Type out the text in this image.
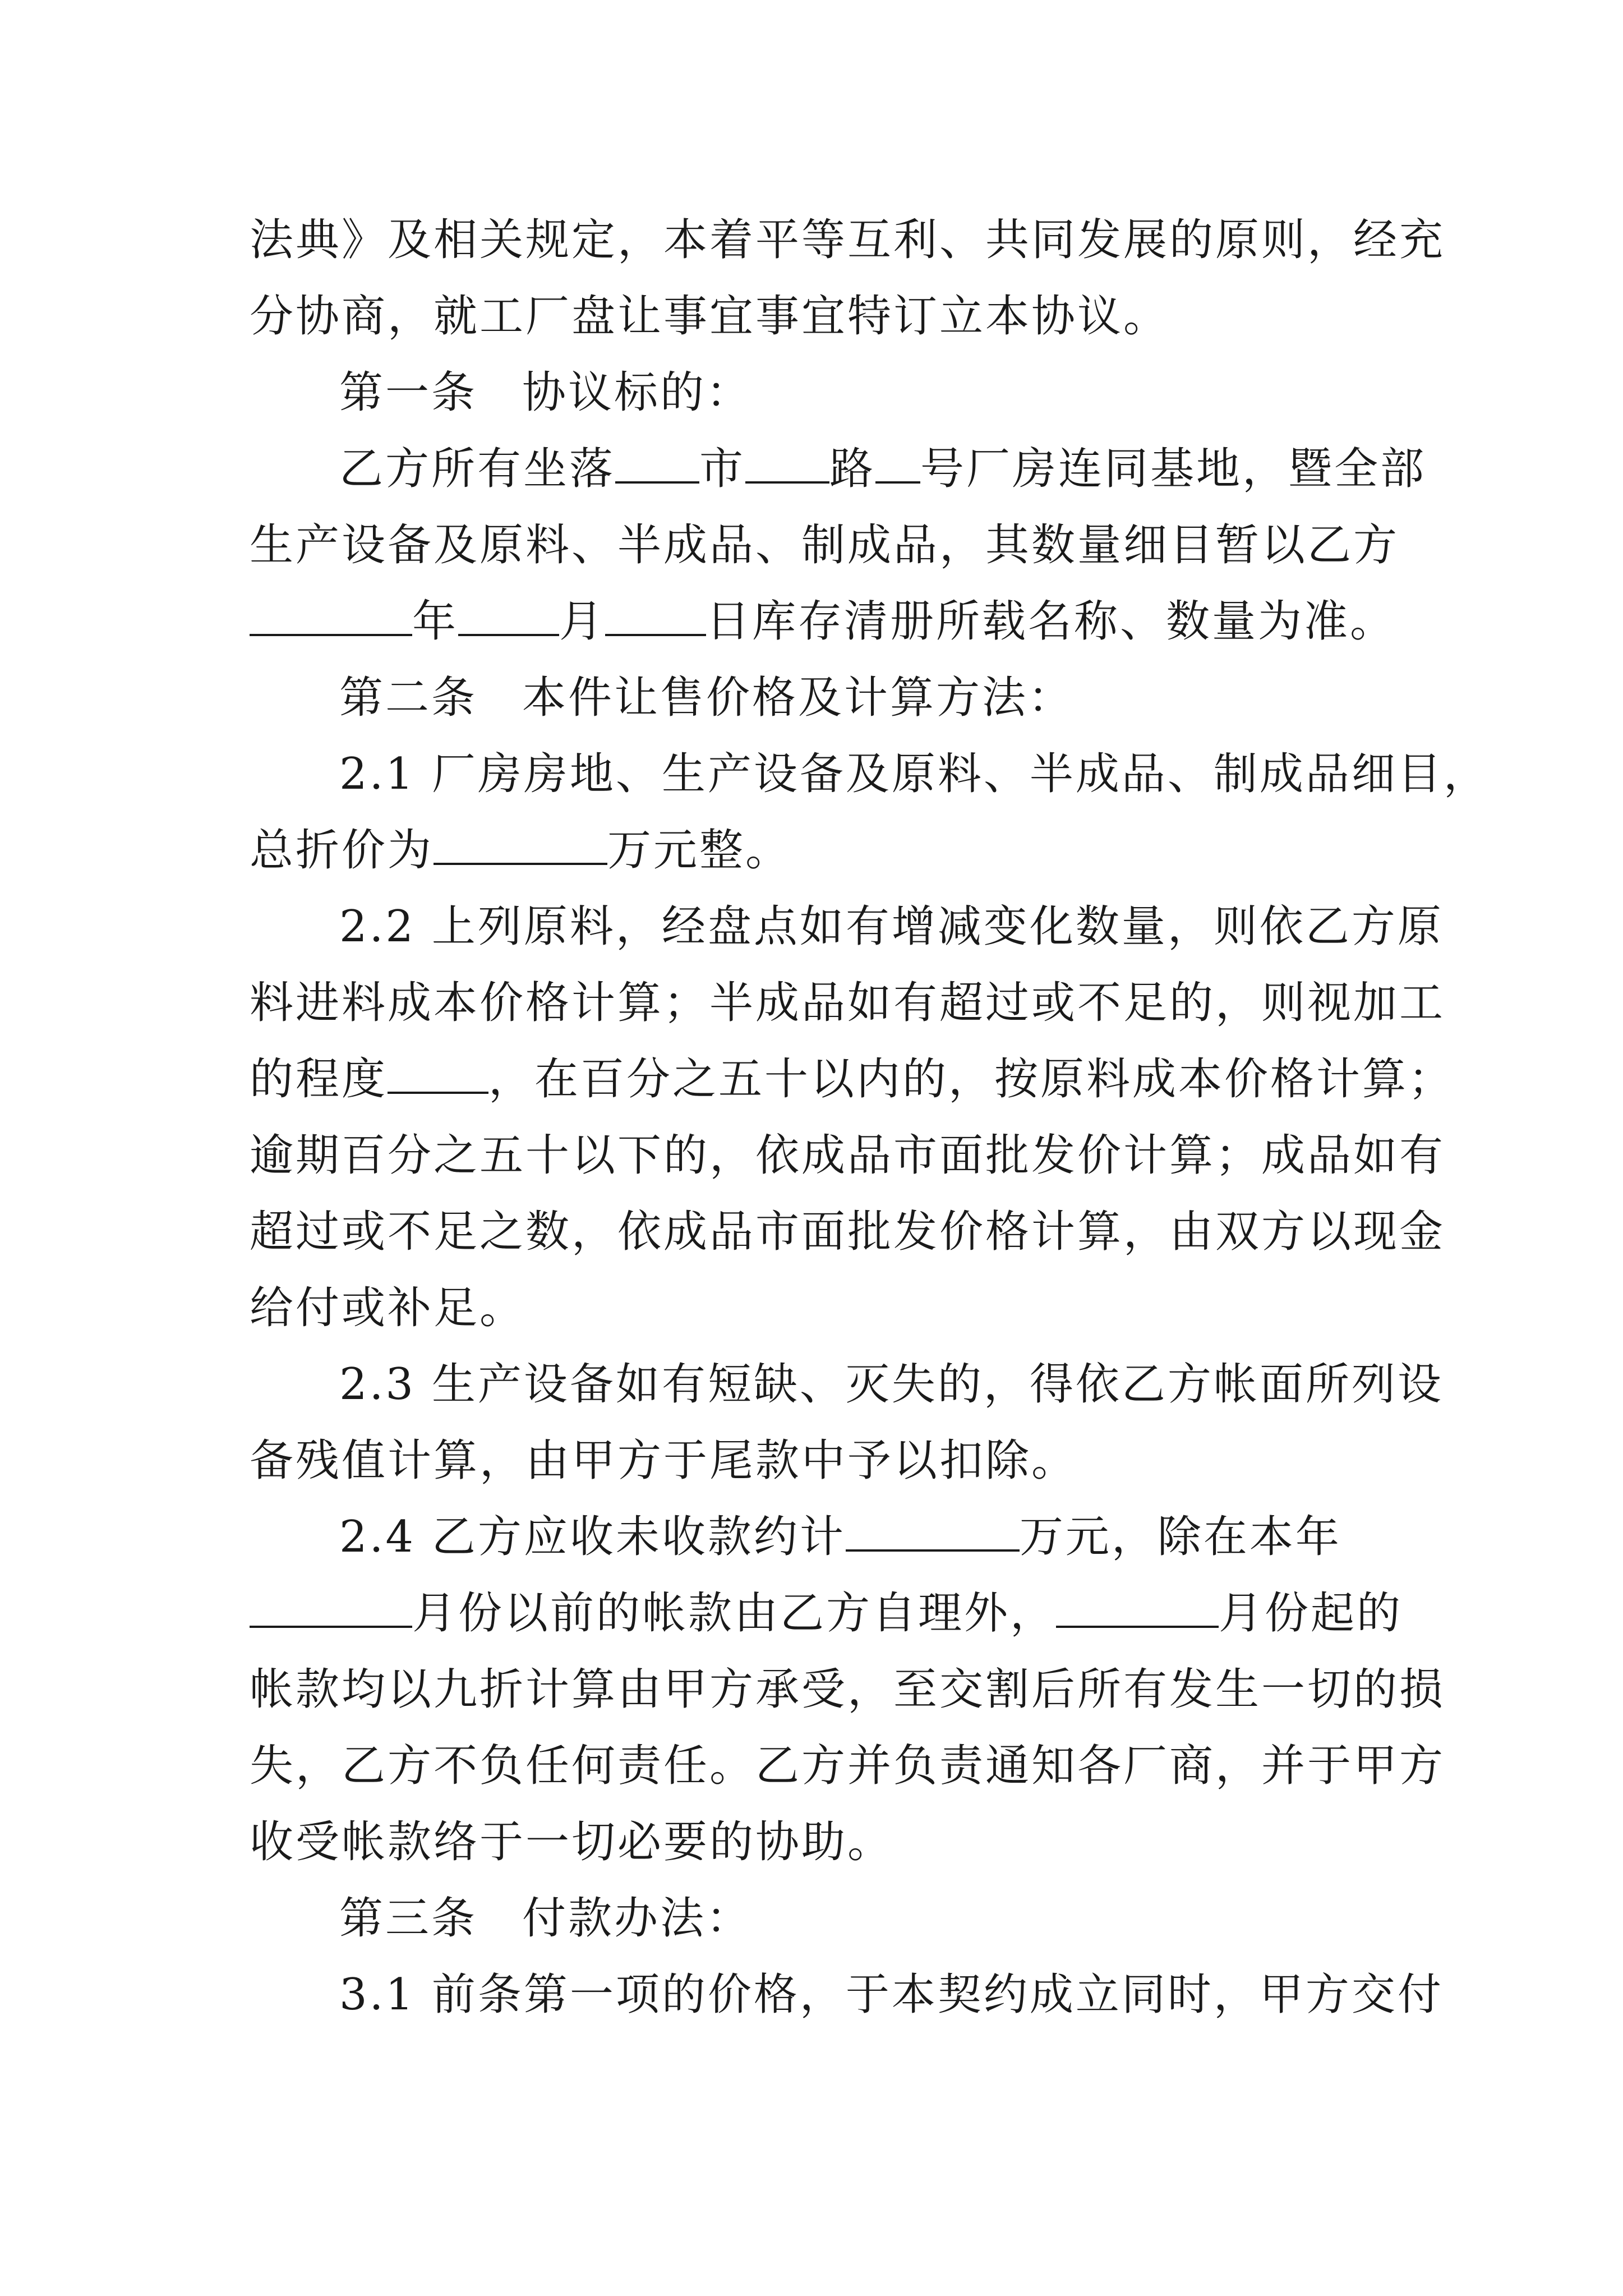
法典》及相关规定，本着平等互利、共同发展的原则，经充
分协商，就工厂盘让事宜事宜特订立本协议。
第一条 协议标的：
乙方所有坐落 市 路 号厂房连同基地，暨全部
生产设备及原料、半成品、制成品，其数量细目暂以乙方
年 月 日库存清册所载名称、数量为准。
第二条 本件让售价格及计算方法：
2.1 厂房房地、生产设备及原料、半成品、制成品细目，
总折价为	万元整。
2.2 上列原料，经盘点如有增减变化数量，则依乙方原
料进料成本价格计算；半成品如有超过或不足的，则视加工
的程度 ，在百分之五十以内的，按原料成本价格计算；
逾期百分之五十以下的，依成品市面批发价计算；成品如有
超过或不足之数，依成品市面批发价格计算，由双方以现金
给付或补足。
2.3 生产设备如有短缺、灭失的，得依乙方帐面所列设
备残值计算，由甲方于尾款中予以扣除。
2.4 乙方应收未收款约计	万元，除在本年
月份以前的帐款由乙方自理外，	月份起的
帐款均以九折计算由甲方承受，至交割后所有发生一切的损
失，乙方不负任何责任。乙方并负责通知各厂商，并于甲方
收受帐款络于一切必要的协助。
第三条 付款办法：
3.1 前条第一项的价格，于本契约成立同时，甲方交付
